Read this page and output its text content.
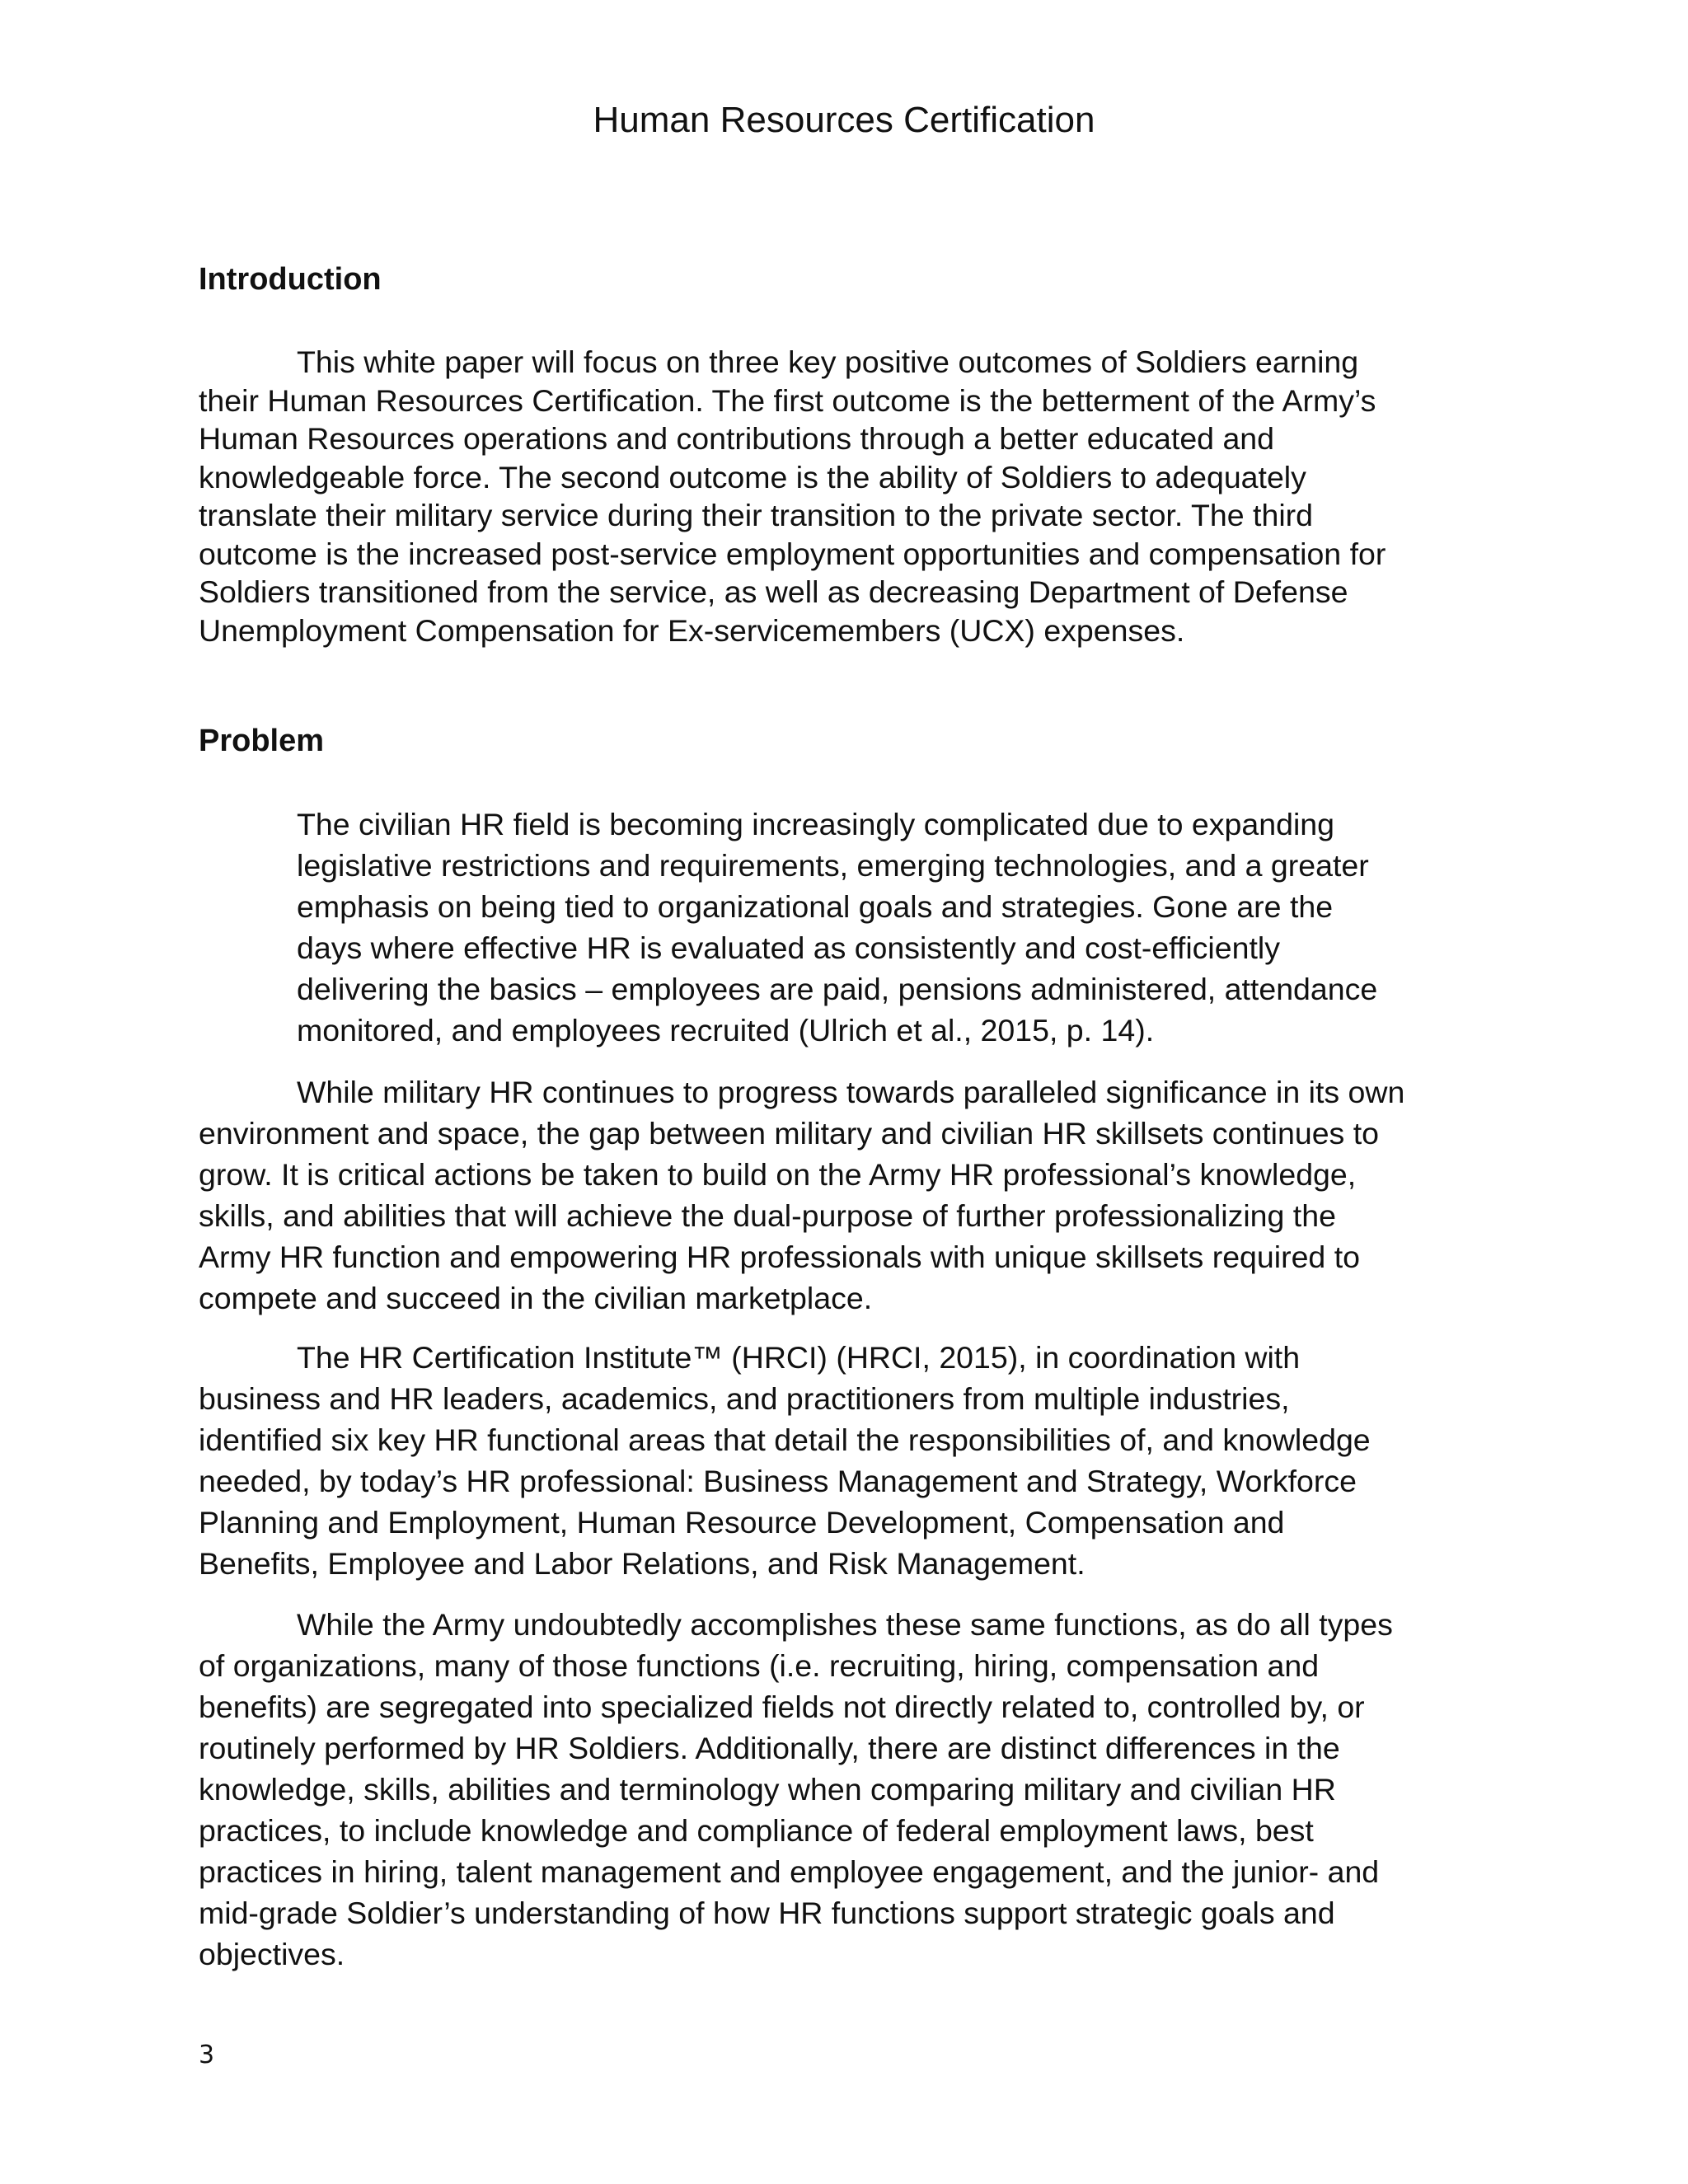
Human Resources Certification
Introduction

This white paper will focus on three key positive outcomes of Soldiers earning
their Human Resources Certification. The first outcome is the betterment of the Army’s
Human Resources operations and contributions through a better educated and
knowledgeable force. The second outcome is the ability of Soldiers to adequately
translate their military service during their transition to the private sector. The third
outcome is the increased post-service employment opportunities and compensation for
Soldiers transitioned from the service, as well as decreasing Department of Defense
Unemployment Compensation for Ex-servicemembers (UCX) expenses.

Problem

The civilian HR field is becoming increasingly complicated due to expanding
legislative restrictions and requirements, emerging technologies, and a greater
emphasis on being tied to organizational goals and strategies. Gone are the
days where effective HR is evaluated as consistently and cost-efficiently
delivering the basics – employees are paid, pensions administered, attendance
monitored, and employees recruited (Ulrich et al., 2015, p. 14).

While military HR continues to progress towards paralleled significance in its own
environment and space, the gap between military and civilian HR skillsets continues to
grow. It is critical actions be taken to build on the Army HR professional’s knowledge,
skills, and abilities that will achieve the dual-purpose of further professionalizing the
Army HR function and empowering HR professionals with unique skillsets required to
compete and succeed in the civilian marketplace.

The HR Certification Institute™ (HRCI) (HRCI, 2015), in coordination with
business and HR leaders, academics, and practitioners from multiple industries,
identified six key HR functional areas that detail the responsibilities of, and knowledge
needed, by today’s HR professional: Business Management and Strategy, Workforce
Planning and Employment, Human Resource Development, Compensation and
Benefits, Employee and Labor Relations, and Risk Management.

While the Army undoubtedly accomplishes these same functions, as do all types
of organizations, many of those functions (i.e. recruiting, hiring, compensation and
benefits) are segregated into specialized fields not directly related to, controlled by, or
routinely performed by HR Soldiers. Additionally, there are distinct differences in the
knowledge, skills, abilities and terminology when comparing military and civilian HR
practices, to include knowledge and compliance of federal employment laws, best
practices in hiring, talent management and employee engagement, and the junior- and
mid-grade Soldier’s understanding of how HR functions support strategic goals and
objectives.

3
